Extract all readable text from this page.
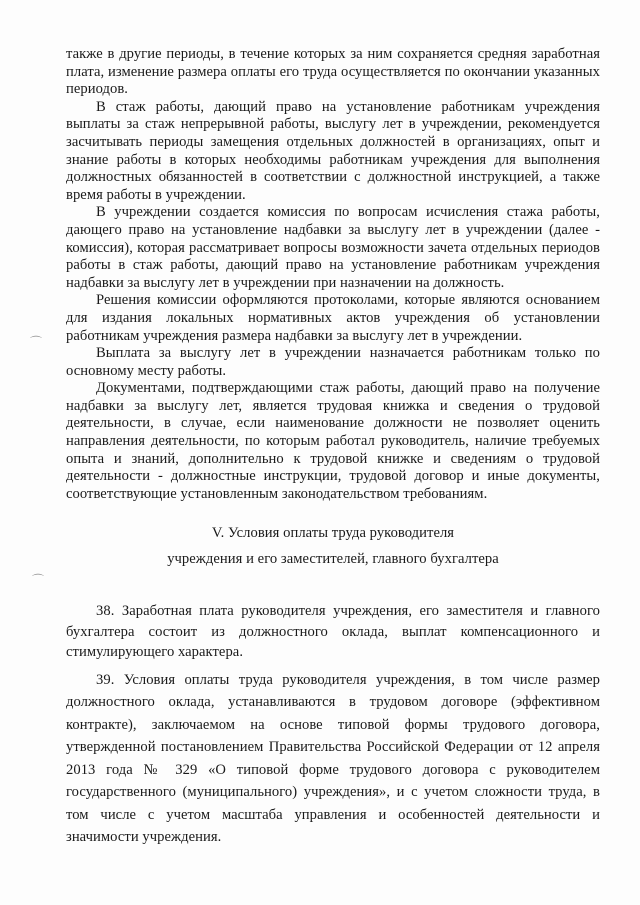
⌒
⌒

также в другие периоды, в течение которых за ним сохраняется средняя заработная плата, изменение размера оплаты его труда осуществляется по окончании указанных периодов.

В стаж работы, дающий право на установление работникам учреждения выплаты за стаж непрерывной работы, выслугу лет в учреждении, рекомендуется засчитывать периоды замещения отдельных должностей в организациях, опыт и знание работы в которых необходимы работникам учреждения для выполнения должностных обязанностей в соответствии с должностной инструкцией, а также время работы в учреждении.

В учреждении создается комиссия по вопросам исчисления стажа работы, дающего право на установление надбавки за выслугу лет в учреждении (далее - комиссия), которая рассматривает вопросы возможности зачета отдельных периодов работы в стаж работы, дающий право на установление работникам учреждения надбавки за выслугу лет в учреждении при назначении на должность.

Решения комиссии оформляются протоколами, которые являются основанием для издания локальных нормативных актов учреждения об установлении работникам учреждения размера надбавки за выслугу лет в учреждении.

Выплата за выслугу лет в учреждении назначается работникам только по основному месту работы.

Документами, подтверждающими стаж работы, дающий право на получение надбавки за выслугу лет, является трудовая книжка и сведения о трудовой деятельности, в случае, если наименование должности не позволяет оценить направления деятельности, по которым работал руководитель, наличие требуемых опыта и знаний, дополнительно к трудовой книжке и сведениям о трудовой деятельности - должностные инструкции, трудовой договор и иные документы, соответствующие установленным законодательством требованиям.

V. Условия оплаты труда руководителя

учреждения и его заместителей, главного бухгалтера

38. Заработная плата руководителя учреждения, его заместителя и главного бухгалтера состоит из должностного оклада, выплат компенсационного и стимулирующего характера.

39. Условия оплаты труда руководителя учреждения, в том числе размер должностного оклада, устанавливаются в трудовом договоре (эффективном контракте), заключаемом на основе типовой формы трудового договора, утвержденной постановлением Правительства Российской Федерации от 12 апреля 2013 года № 329 «О типовой форме трудового договора с руководителем государственного (муниципального) учреждения», и с учетом сложности труда, в том числе с учетом масштаба управления и особенностей деятельности и значимости учреждения.
